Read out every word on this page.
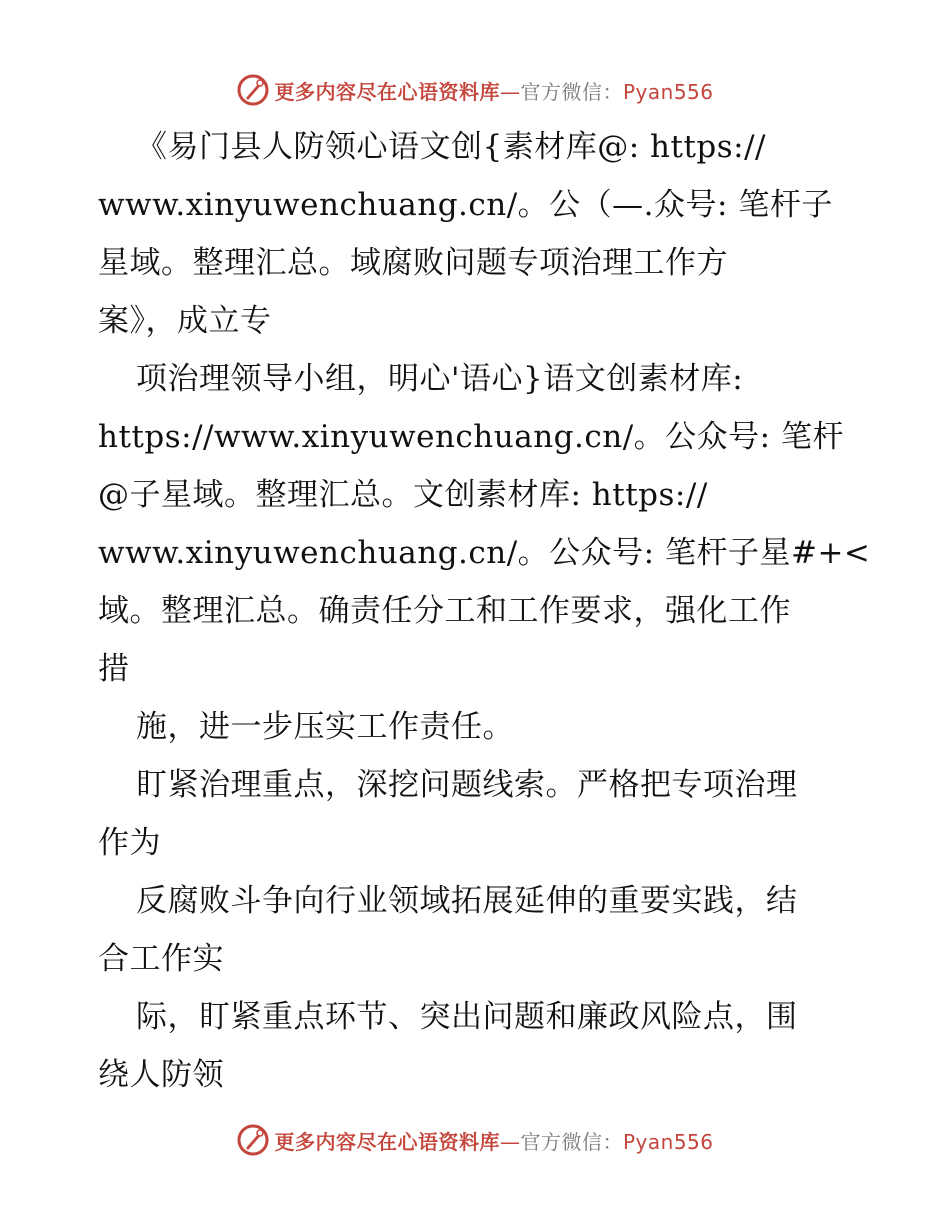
更多内容尽在心语资料库—官方微信：Pyan556
《易门县人防领心语文创{素材库@: https://
www.xinyuwenchuang.cn/。公（—.众号: 笔杆子
星域。整理汇总。域腐败问题专项治理工作方
案》，成立专
项治理领导小组，明心'语心}语文创素材库:
https://www.xinyuwenchuang.cn/。公众号: 笔杆
@子星域。整理汇总。文创素材库: https://
www.xinyuwenchuang.cn/。公众号: 笔杆子星#+<
域。整理汇总。确责任分工和工作要求，强化工作
措
施，进一步压实工作责任。
盯紧治理重点，深挖问题线索。严格把专项治理
作为
反腐败斗争向行业领域拓展延伸的重要实践，结
合工作实
际，盯紧重点环节、突出问题和廉政风险点，围
绕人防领
更多内容尽在心语资料库—官方微信：Pyan556
